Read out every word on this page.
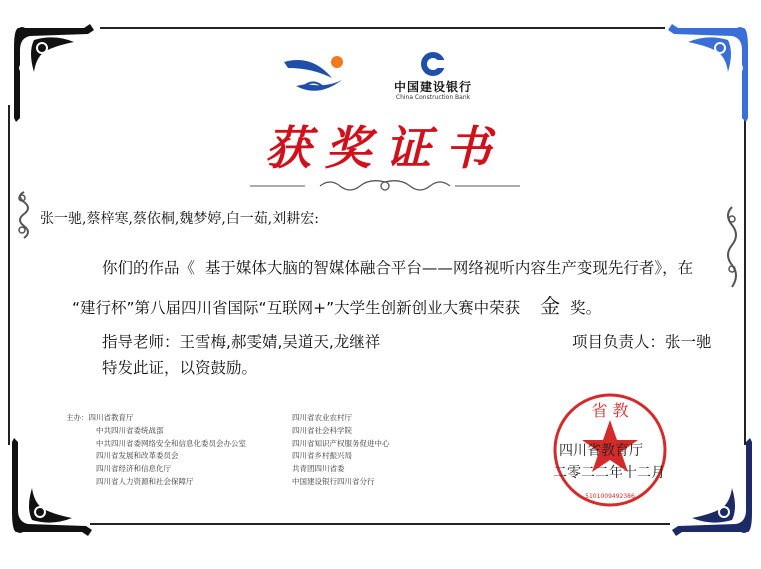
中国建设银行
China Construction Bank
获奖证书
张一驰,蔡梓寒,蔡依桐,魏梦婷,白一茹,刘耕宏:
你们的作品《 基于媒体大脑的智媒体融合平台——网络视听内容生产变现先行者》，在
“建行杯”第八届四川省国际“互联网+”大学生创新创业大赛中荣获 金 奖。
指导老师：王雪梅,郝雯婧,吴道天,龙继祥	项目负责人：张一驰
特发此证，以资鼓励。
主办：四川省教育厅
中共四川省委统战部
中共四川省委网络安全和信息化委员会办公室
四川省发展和改革委员会
四川省经济和信息化厅
四川省人力资源和社会保障厅
四川省农业农村厅
四川省社会科学院
四川省知识产权服务促进中心
四川省乡村振兴局
共青团四川省委
中国建设银行四川省分行
省 教
5101009492386
四川省教育厅
二零二二年十二月
